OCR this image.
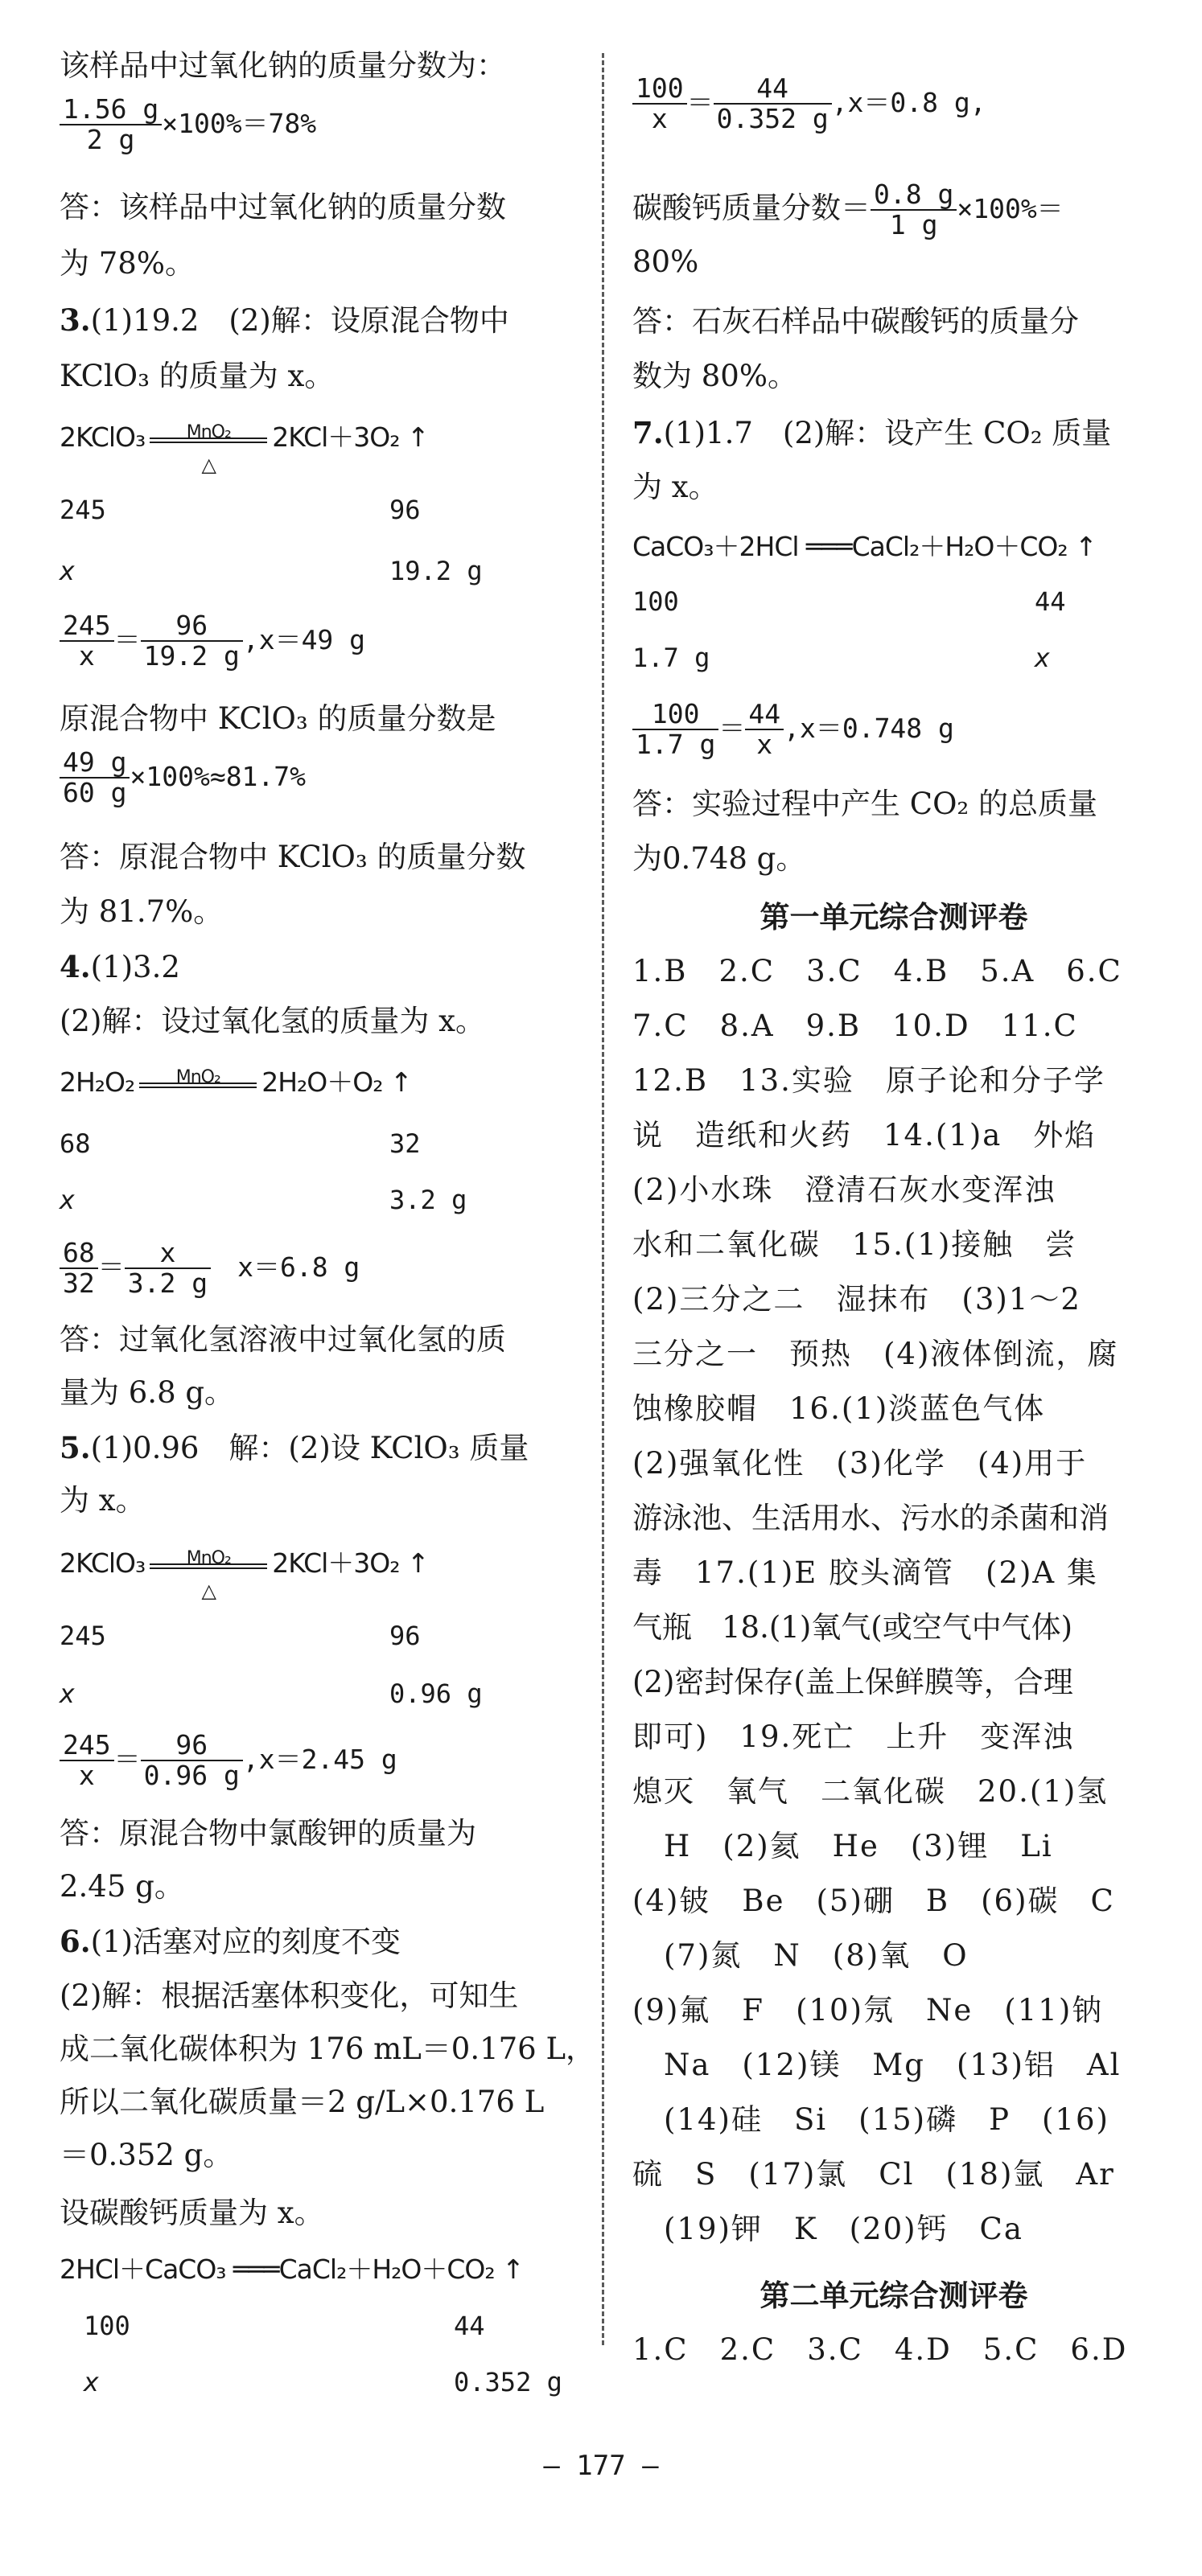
该样品中过氧化钠的质量分数为：
$\frac{1.56 g}{2 g} \times 100\%=78\%$
答：该样品中过氧化钠的质量分数
为 78%。
3.(1)19.2　(2)解：设原混合物中
KClO₃ 的质量为 x。
2KClO₃	MnO₂
△
2KCl＋3O₂ ↑
245	96
x	19.2 g
$\frac{245}{x} = \frac{96}{19.2 g} ,x=49$ g
原混合物中 KClO₃ 的质量分数是
$\frac{49 g}{60 g} \times 100\%\approx 81.7\%$
答：原混合物中 KClO₃ 的质量分数
为 81.7%。
4.(1)3.2
(2)解：设过氧化氢的质量为 x。
2H₂O₂	MnO₂	2H₂O＋O₂ ↑
68	32
x	3.2 g
$\frac{68}{32} = \frac{x}{3.2 g}$ 　x＝6.8 g
答：过氧化氢溶液中过氧化氢的质
量为 6.8 g。
5.(1)0.96　解：(2)设 KClO₃ 质量
为 x。
2KClO₃	MnO₂
△
2KCl＋3O₂ ↑
245	96
x	0.96 g
$\frac{245}{x} = \frac{96}{0.96 g} ,x=2.45$ g
答：原混合物中氯酸钾的质量为
2.45 g。
6.(1)活塞对应的刻度不变
(2)解：根据活塞体积变化，可知生
成二氧化碳体积为 176 mL＝0.176 L，
所以二氧化碳质量＝2 g/L×0.176 L
＝0.352 g。
设碳酸钙质量为 x。
2HCl＋CaCO₃ ═══CaCl₂＋H₂O＋CO₂ ↑
100	44
x	0.352 g
$\frac{100}{x} = \frac{44}{0.352 g} ,x=0.8$ g,
碳酸钙质量分数＝ $\frac{0.8 g}{1 g} \times 100\%=$
80%
答：石灰石样品中碳酸钙的质量分
数为 80%。
7.(1)1.7　(2)解：设产生 CO₂ 质量
为 x。
CaCO₃＋2HCl ═══CaCl₂＋H₂O＋CO₂ ↑
100	44
1.7 g	x
$\frac{100}{1.7 g} = \frac{44}{x} ,x=0.748$ g
答：实验过程中产生 CO₂ 的总质量
为0.748 g。
第一单元综合测评卷
1.B　2.C　3.C　4.B　5.A　6.C
7.C　8.A　9.B　10.D　11.C
12.B　13.实验　原子论和分子学
说　造纸和火药　14.(1)a　外焰
(2)小水珠　澄清石灰水变浑浊
水和二氧化碳　15.(1)接触　尝
(2)三分之二　湿抹布　(3)1～2
三分之一　预热　(4)液体倒流，腐
蚀橡胶帽　16.(1)淡蓝色气体
(2)强氧化性　(3)化学　(4)用于
游泳池、生活用水、污水的杀菌和消
毒　17.(1)E 胶头滴管　(2)A 集
气瓶　18.(1)氧气(或空气中气体)
(2)密封保存(盖上保鲜膜等，合理
即可)　19.死亡　上升　变浑浊
熄灭　氧气　二氧化碳　20.(1)氢
　H　(2)氦　He　(3)锂　Li
(4)铍　Be　(5)硼　B　(6)碳　C
　(7)氮　N　(8)氧　O
(9)氟　F　(10)氖　Ne　(11)钠
　Na　(12)镁　Mg　(13)铝　Al
　(14)硅　Si　(15)磷　P　(16)
硫　S　(17)氯　Cl　(18)氩　Ar
　(19)钾　K　(20)钙　Ca
第二单元综合测评卷
1.C　2.C　3.C　4.D　5.C　6.D
— 177 —
